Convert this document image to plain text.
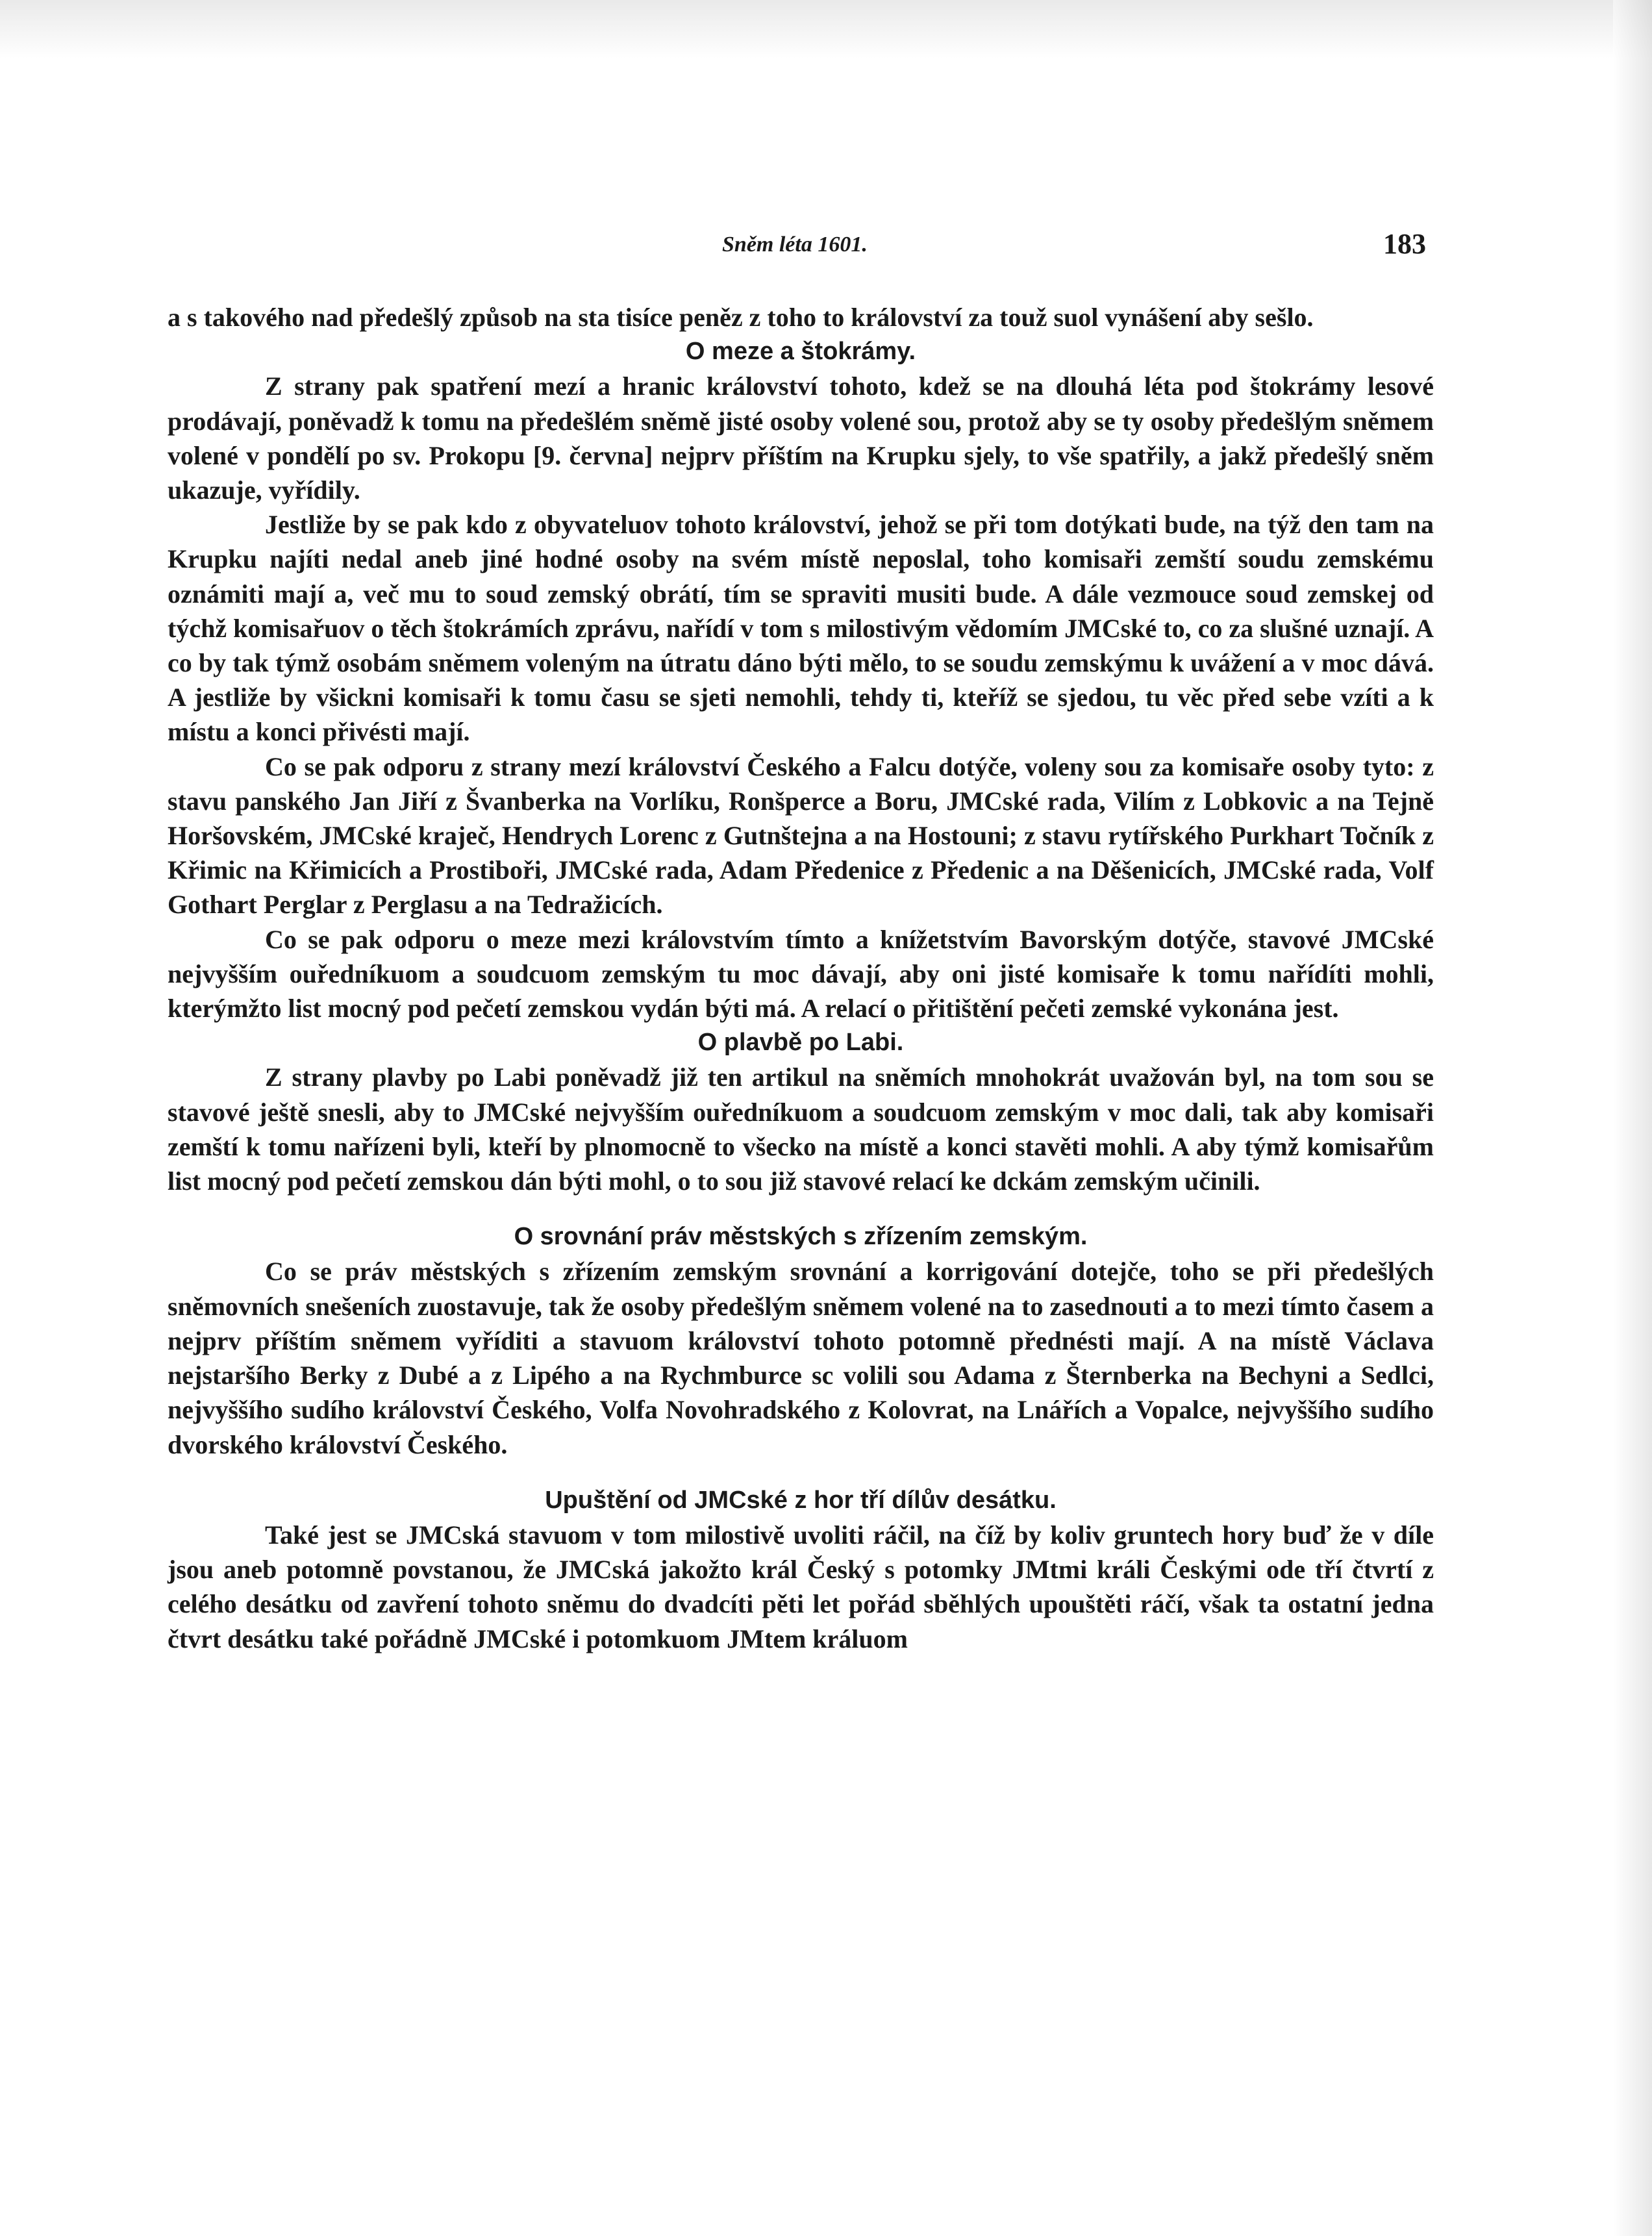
Sněm léta 1601.	183

a s takového nad předešlý způsob na sta tisíce peněz z toho to království za touž suol vynášení aby sešlo.

O meze a štokrámy.

Z strany pak spatření mezí a hranic království tohoto, kdež se na dlouhá léta pod štokrámy lesové prodávají, poněvadž k tomu na předešlém sněmě jisté osoby volené sou, protož aby se ty osoby předešlým sněmem volené v pondělí po sv. Prokopu [9. června] nejprv příštím na Krupku sjely, to vše spatřily, a jakž předešlý sněm ukazuje, vyřídily.

Jestliže by se pak kdo z obyvateluov tohoto království, jehož se při tom dotýkati bude, na týž den tam na Krupku najíti nedal aneb jiné hodné osoby na svém místě neposlal, toho komisaři zemští soudu zemskému oznámiti mají a, več mu to soud zemský obrátí, tím se spraviti musiti bude. A dále vezmouce soud zemskej od týchž komisařuov o těch štokrámích zprávu, nařídí v tom s milostivým vědomím JMCské to, co za slušné uznají. A co by tak týmž osobám sněmem voleným na útratu dáno býti mělo, to se soudu zemskýmu k uvážení a v moc dává. A jestliže by všickni komisaři k tomu času se sjeti nemohli, tehdy ti, kteříž se sjedou, tu věc před sebe vzíti a k místu a konci přivésti mají.

Co se pak odporu z strany mezí království Českého a Falcu dotýče, voleny sou za komisaře osoby tyto: z stavu panského Jan Jiří z Švanberka na Vorlíku, Ronšperce a Boru, JMCské rada, Vilím z Lobkovic a na Tejně Horšovském, JMCské kraječ, Hendrych Lorenc z Gutnštejna a na Hostouni; z stavu rytířského Purkhart Točník z Křimic na Křimicích a Prostiboři, JMCské rada, Adam Předenice z Předenic a na Děšenicích, JMCské rada, Volf Gothart Perglar z Perglasu a na Tedražicích.

Co se pak odporu o meze mezi královstvím tímto a knížetstvím Bavorským dotýče, stavové JMCské nejvyšším ouředníkuom a soudcuom zemským tu moc dávají, aby oni jisté komisaře k tomu nařídíti mohli, kterýmžto list mocný pod pečetí zemskou vydán býti má. A relací o přitištění pečeti zemské vykonána jest.

O plavbě po Labi.

Z strany plavby po Labi poněvadž již ten artikul na sněmích mnohokrát uvažován byl, na tom sou se stavové ještě snesli, aby to JMCské nejvyšším ouředníkuom a soudcuom zemským v moc dali, tak aby komisaři zemští k tomu nařízeni byli, kteří by plnomocně to všecko na místě a konci stavěti mohli. A aby týmž komisařům list mocný pod pečetí zemskou dán býti mohl, o to sou již stavové relací ke dckám zemským učinili.

O srovnání práv městských s zřízením zemským.

Co se práv městských s zřízením zemským srovnání a korrigování dotejče, toho se při předešlých sněmovních snešeních zuostavuje, tak že osoby předešlým sněmem volené na to zasednouti a to mezi tímto časem a nejprv příštím sněmem vyříditi a stavuom království tohoto potomně přednésti mají. A na místě Václava nejstaršího Berky z Dubé a z Lipého a na Rychmburce sc volili sou Adama z Šternberka na Bechyni a Sedlci, nejvyššího sudího království Českého, Volfa Novohradského z Kolovrat, na Lnářích a Vopalce, nejvyššího sudího dvorského království Českého.

Upuštění od JMCské z hor tří dílův desátku.

Také jest se JMCská stavuom v tom milostivě uvoliti ráčil, na číž by koliv gruntech hory buď že v díle jsou aneb potomně povstanou, že JMCská jakožto král Český s potomky JMtmi králi Českými ode tří čtvrtí z celého desátku od zavření tohoto sněmu do dvadcíti pěti let pořád sběhlých upouštěti ráčí, však ta ostatní jedna čtvrt desátku také pořádně JMCské i potomkuom JMtem králuom
